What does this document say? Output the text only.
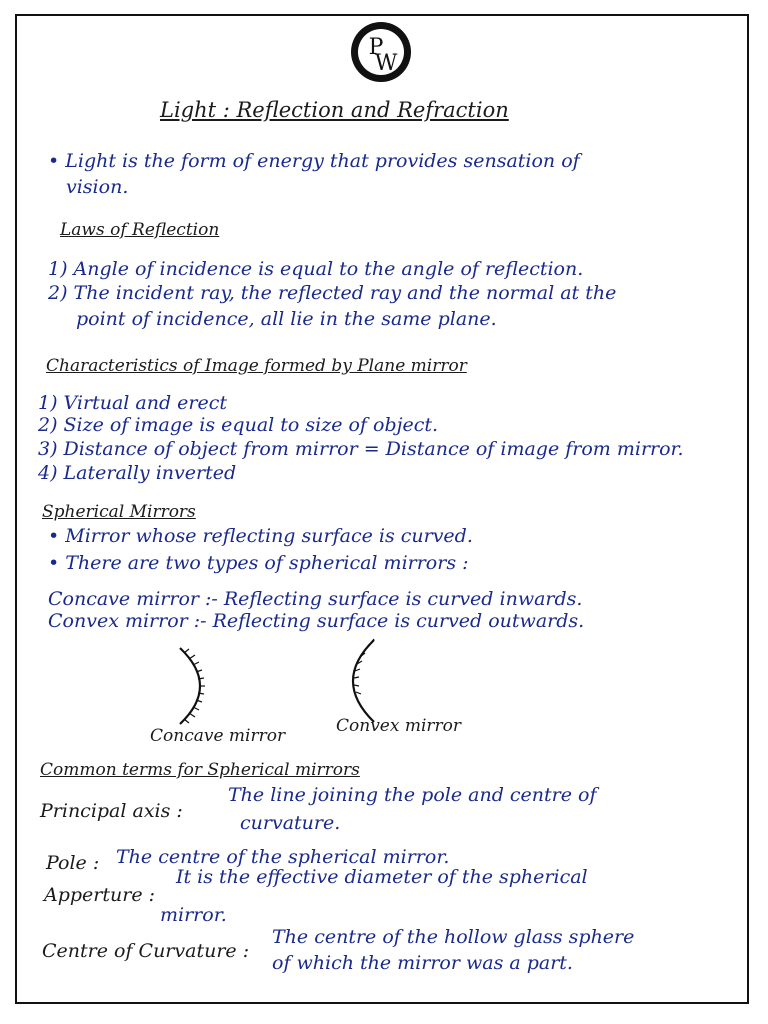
P
W
Light : Reflection and Refraction
• Light is the form of energy that provides sensation of
vision.
Laws of Reflection
1) Angle of incidence is equal to the angle of reflection.
2) The incident ray, the reflected ray and the normal at the
point of incidence, all lie in the same plane.
Characteristics of Image formed by Plane mirror
1) Virtual and erect
2) Size of image is equal to size of object.
3) Distance of object from mirror = Distance of image from mirror.
4) Laterally inverted
Spherical Mirrors
• Mirror whose reflecting surface is curved.
• There are two types of spherical mirrors :
Concave mirror :- Reflecting surface is curved inwards.
Convex mirror :- Reflecting surface is curved outwards.
Concave mirror	Convex mirror
Common terms for Spherical mirrors
Principal axis :
The line joining the pole and centre of
curvature.
Pole : The centre of the spherical mirror.
Apperture :
It is the effective diameter of the spherical
mirror.
Centre of Curvature :
The centre of the hollow glass sphere
of which the mirror was a part.
